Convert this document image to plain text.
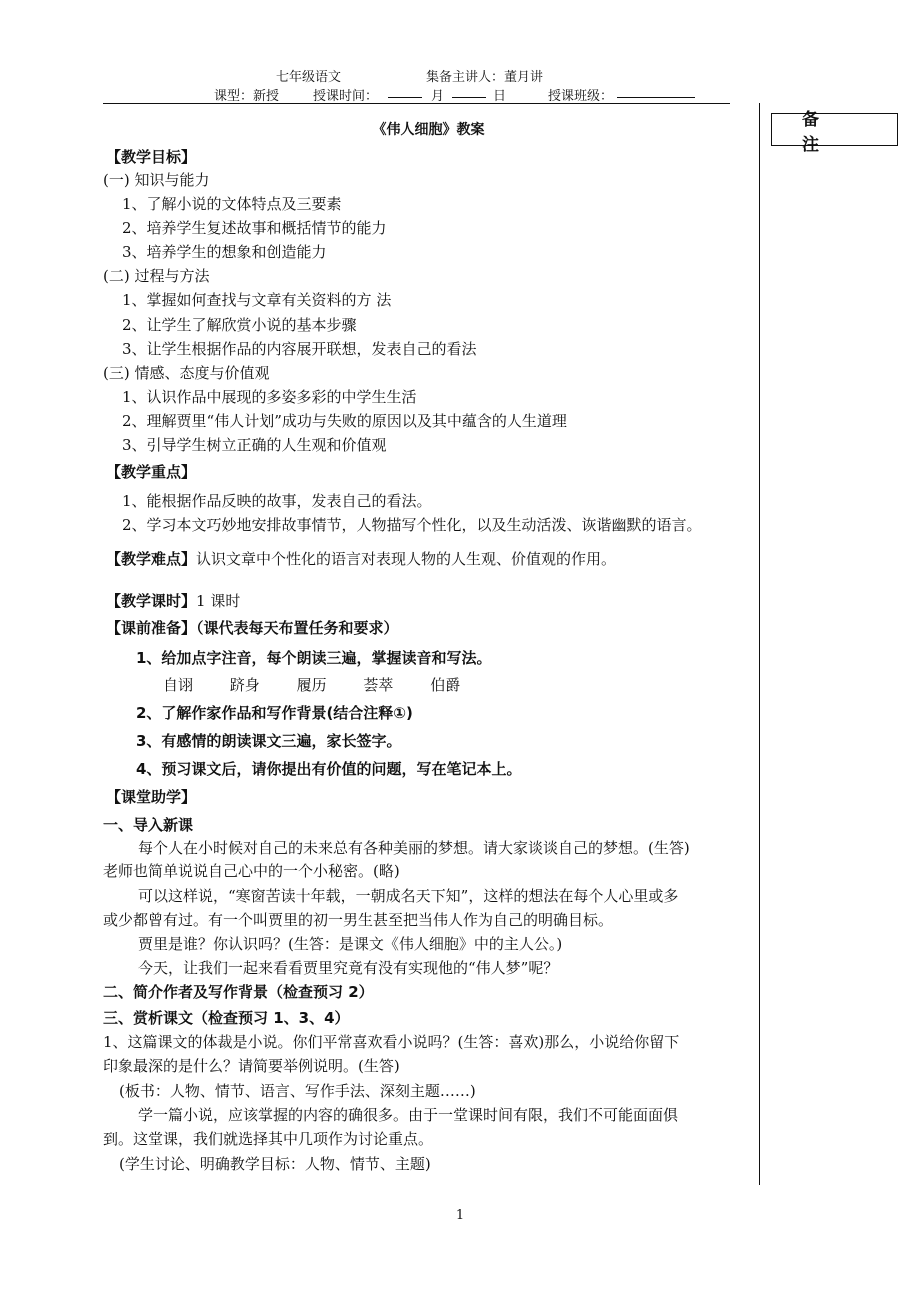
七年级语文	集备主讲人：董月讲
课型：新授	授课时间：	月	日	授课班级：
备 注
《伟人细胞》教案
【教学目标】
(一) 知识与能力
1、了解小说的文体特点及三要素
2、培养学生复述故事和概括情节的能力
3、培养学生的想象和创造能力
(二) 过程与方法
1、掌握如何查找与文章有关资料的方 法
2、让学生了解欣赏小说的基本步骤
3、让学生根据作品的内容展开联想，发表自己的看法
(三) 情感、态度与价值观
1、认识作品中展现的多姿多彩的中学生生活
2、理解贾里“伟人计划”成功与失败的原因以及其中蕴含的人生道理
3、引导学生树立正确的人生观和价值观
【教学重点】
1、能根据作品反映的故事，发表自己的看法。
2、学习本文巧妙地安排故事情节，人物描写个性化，以及生动活泼、诙谐幽默的语言。
【教学难点】认识文章中个性化的语言对表现人物的人生观、价值观的作用。
【教学课时】1 课时
【课前准备】（课代表每天布置任务和要求）
1、给加点字注音，每个朗读三遍，掌握读音和写法。
自诩 跻身 履历 荟萃 伯爵
2、了解作家作品和写作背景(结合注释①)
3、有感情的朗读课文三遍，家长签字。
4、预习课文后，请你提出有价值的问题，写在笔记本上。
【课堂助学】
一、导入新课
每个人在小时候对自己的未来总有各种美丽的梦想。请大家谈谈自己的梦想。(生答)
老师也简单说说自己心中的一个小秘密。(略)
可以这样说，“寒窗苦读十年载，一朝成名天下知”，这样的想法在每个人心里或多
或少都曾有过。有一个叫贾里的初一男生甚至把当伟人作为自己的明确目标。
贾里是谁？你认识吗？(生答：是课文《伟人细胞》中的主人公。)
今天，让我们一起来看看贾里究竟有没有实现他的“伟人梦”呢？
二、简介作者及写作背景（检查预习 2）
三、赏析课文（检查预习 1、3、4）
1、这篇课文的体裁是小说。你们平常喜欢看小说吗？(生答：喜欢)那么，小说给你留下
印象最深的是什么？请简要举例说明。(生答)
(板书：人物、情节、语言、写作手法、深刻主题……)
学一篇小说，应该掌握的内容的确很多。由于一堂课时间有限，我们不可能面面俱
到。这堂课，我们就选择其中几项作为讨论重点。
(学生讨论、明确教学目标：人物、情节、主题)
1
